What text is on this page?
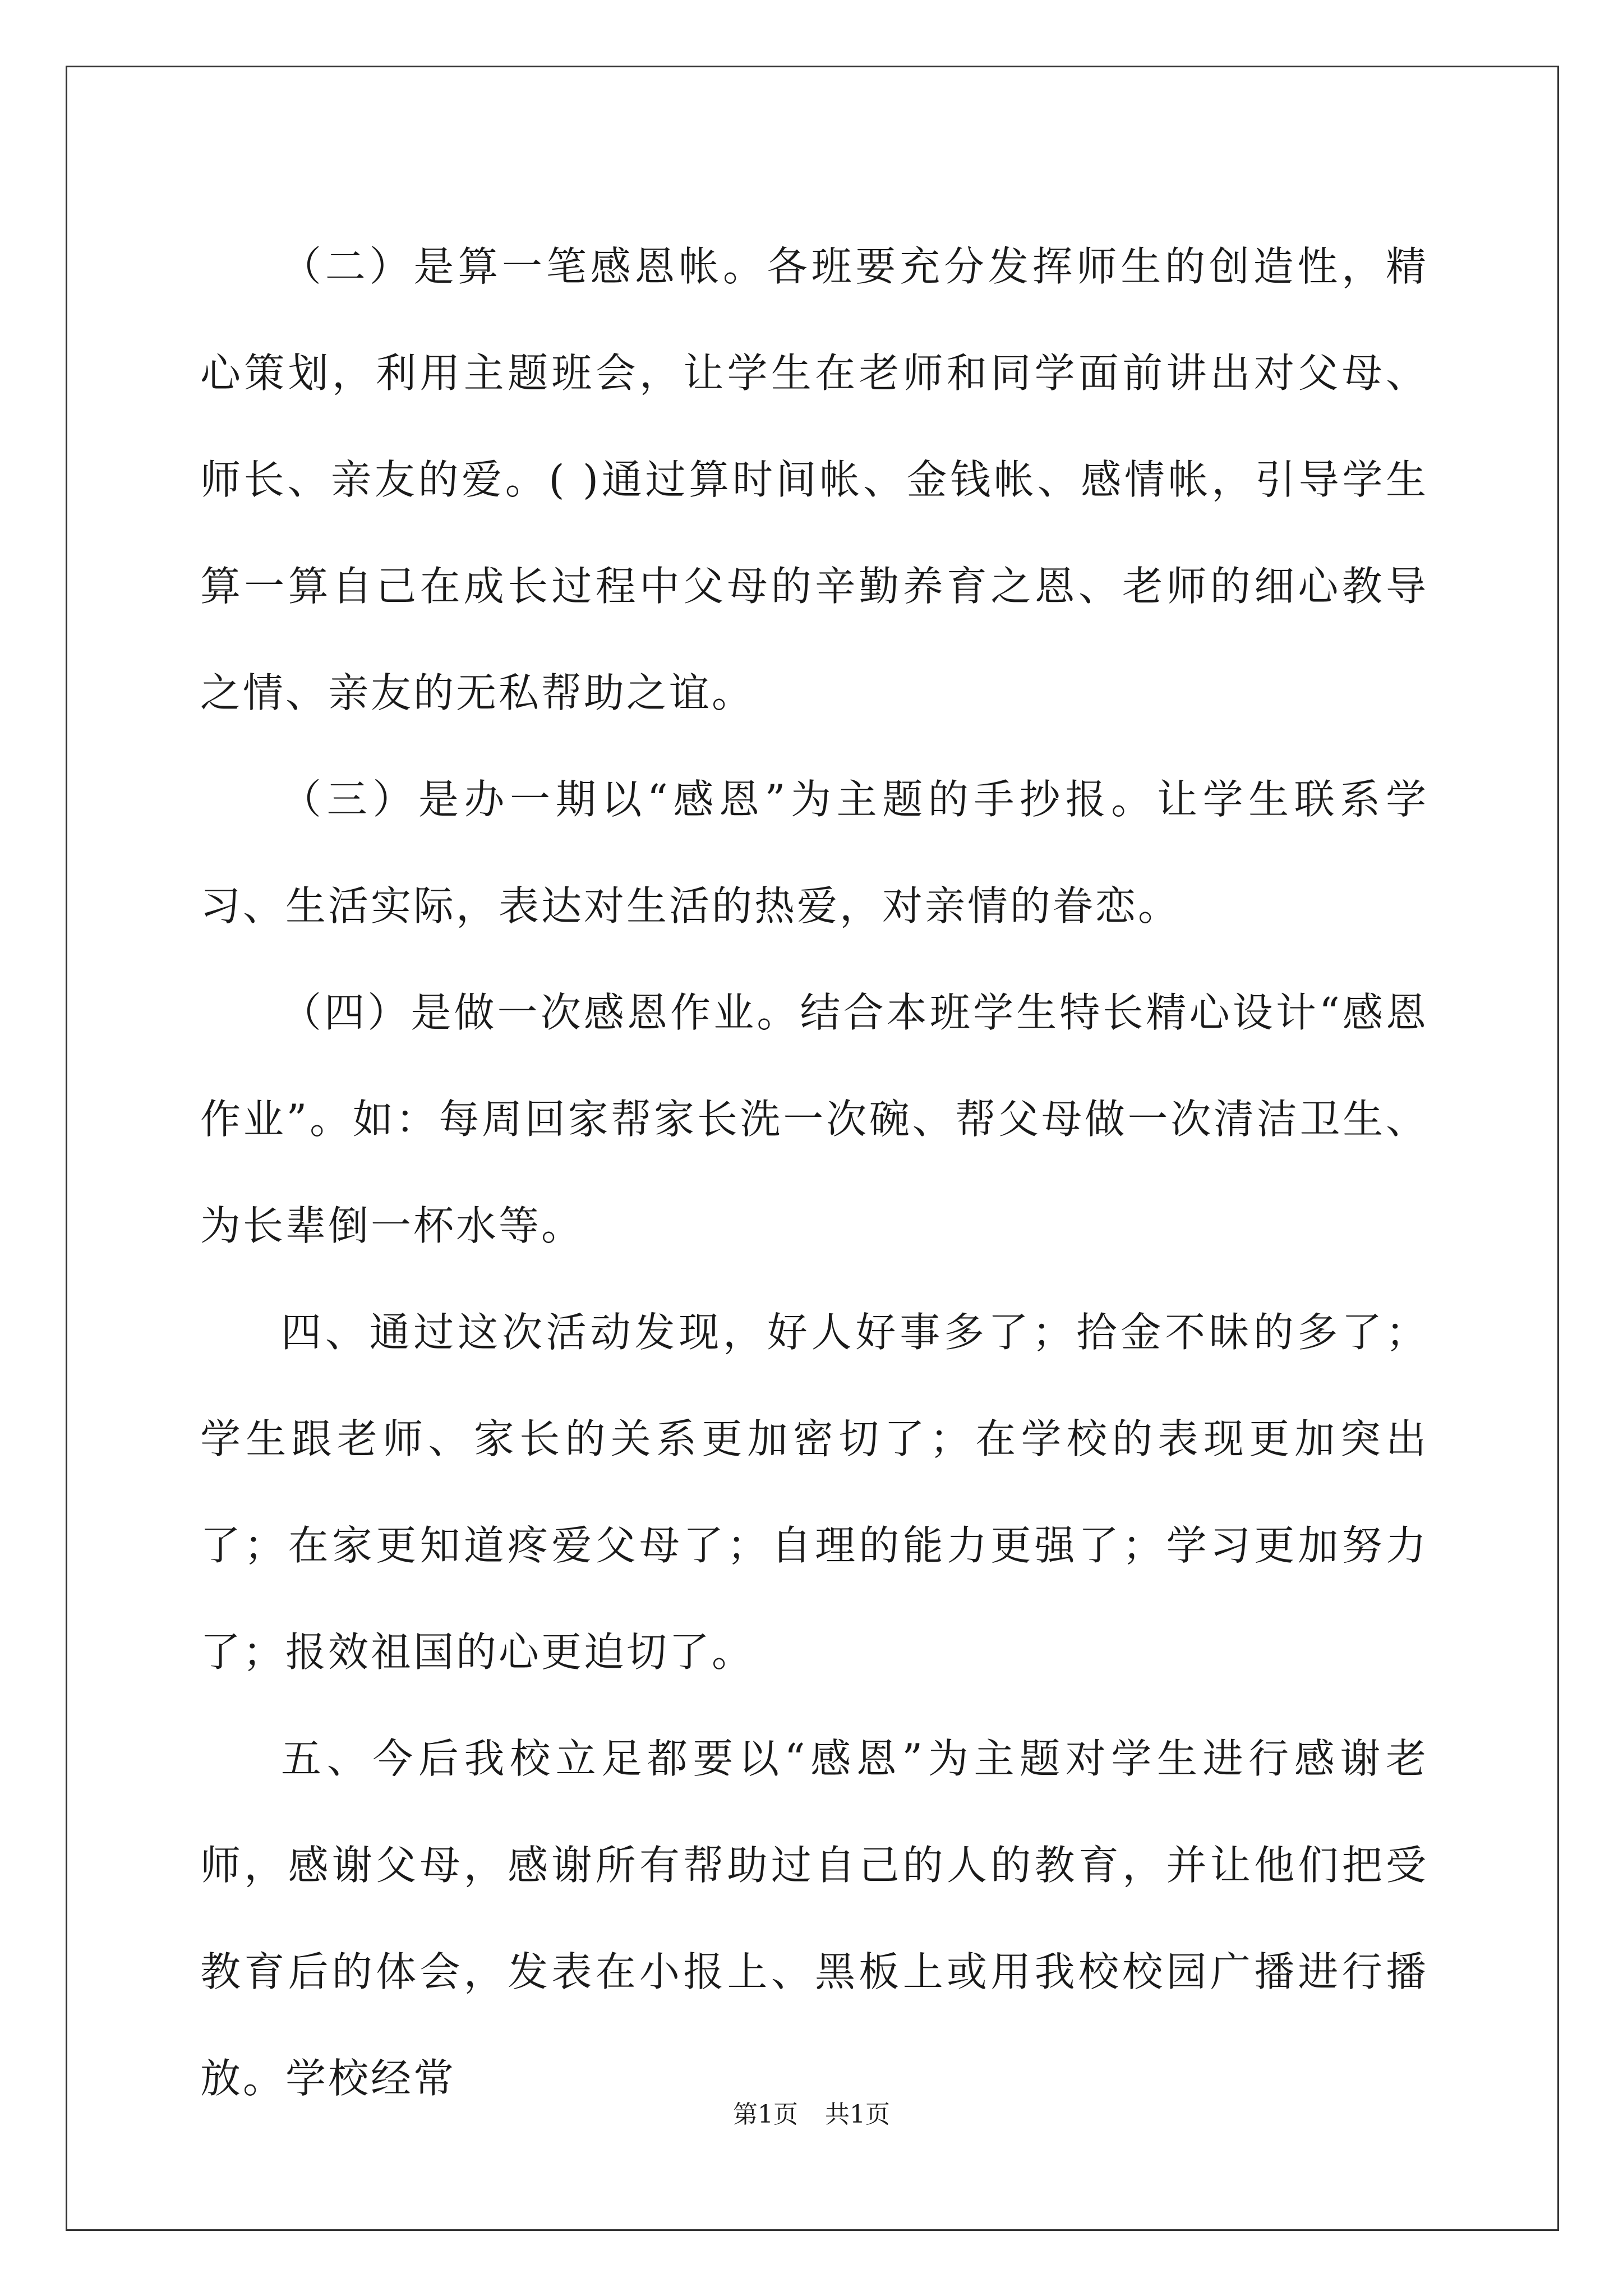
（二）是算一笔感恩帐。各班要充分发挥师生的创造性，精心策划，利用主题班会，让学生在老师和同学面前讲出对父母、师长、亲友的爱。( )通过算时间帐、金钱帐、感情帐，引导学生算一算自己在成长过程中父母的辛勤养育之恩、老师的细心教导之情、亲友的无私帮助之谊。

（三）是办一期以“感恩”为主题的手抄报。让学生联系学习、生活实际，表达对生活的热爱，对亲情的眷恋。

（四）是做一次感恩作业。结合本班学生特长精心设计“感恩作业”。如：每周回家帮家长洗一次碗、帮父母做一次清洁卫生、为长辈倒一杯水等。

四、通过这次活动发现，好人好事多了；拾金不昧的多了；学生跟老师、家长的关系更加密切了；在学校的表现更加突出了；在家更知道疼爱父母了；自理的能力更强了；学习更加努力了；报效祖国的心更迫切了。

五、今后我校立足都要以“感恩”为主题对学生进行感谢老师，感谢父母，感谢所有帮助过自己的人的教育，并让他们把受教育后的体会，发表在小报上、黑板上或用我校校园广播进行播放。学校经常

第1页 共1页
